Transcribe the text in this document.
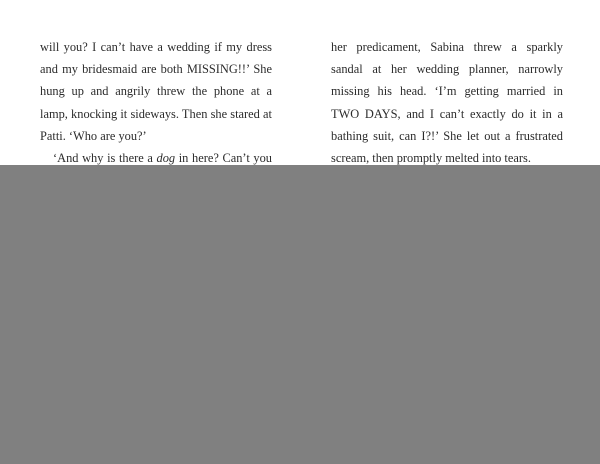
will you? I can’t have a wedding if my dress and my bridesmaid are both MISSING!!’ She hung up and angrily threw the phone at a lamp, knocking it sideways. Then she stared at Patti. ‘Who are you?’

‘And why is there a dog in here? Can’t you

her predicament, Sabina threw a sparkly sandal at her wedding planner, narrowly missing his head. ‘I’m getting married in TWO DAYS, and I can’t exactly do it in a bathing suit, can I?!’ She let out a frustrated scream, then promptly melted into tears.
